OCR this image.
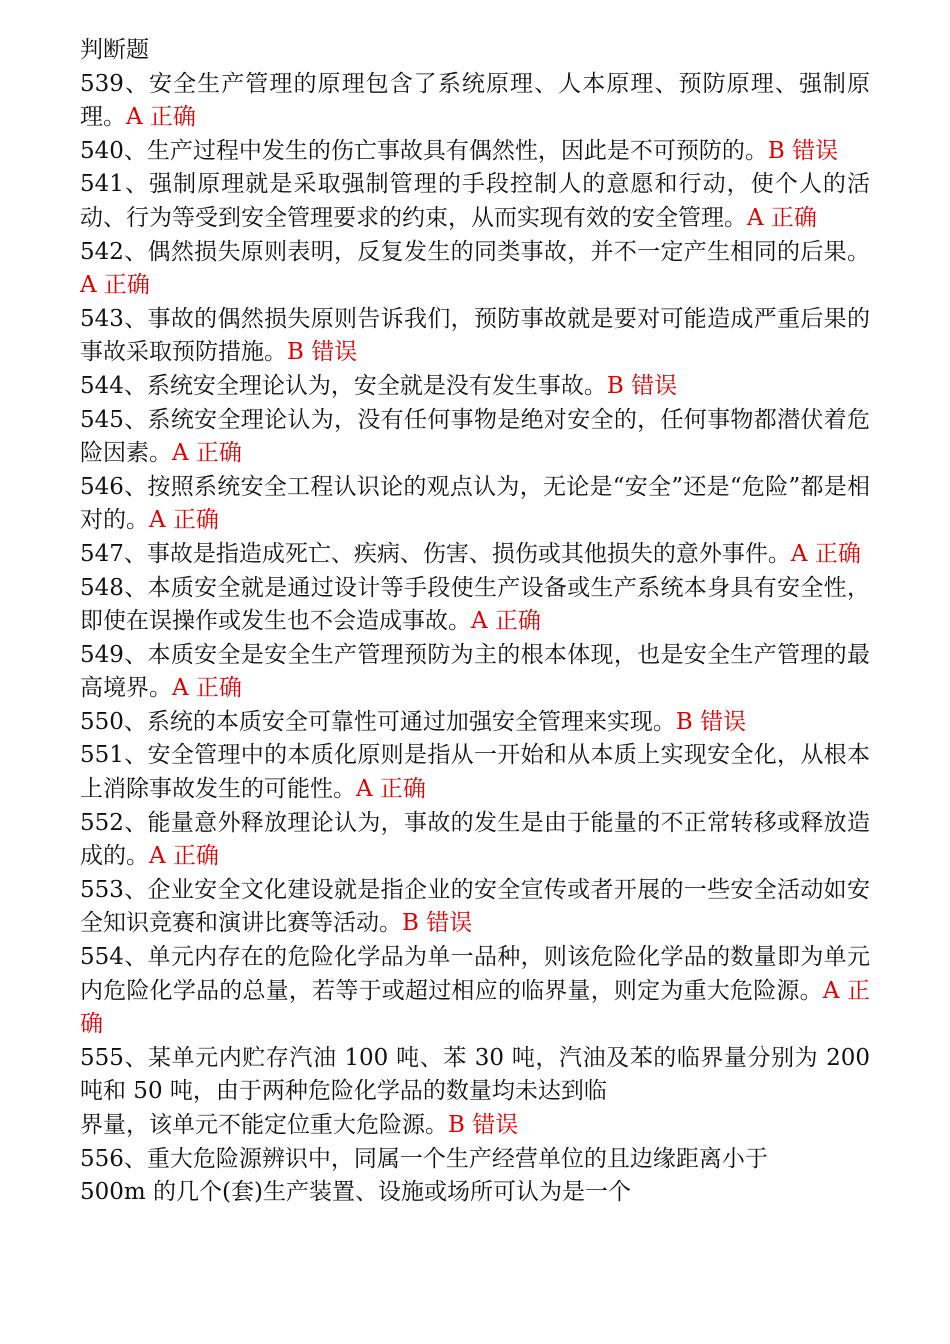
判断题
539、安全生产管理的原理包含了系统原理、人本原理、预防原理、强制原理。A 正确
540、生产过程中发生的伤亡事故具有偶然性，因此是不可预防的。B 错误
541、强制原理就是采取强制管理的手段控制人的意愿和行动，使个人的活动、行为等受到安全管理要求的约束，从而实现有效的安全管理。A 正确
542、偶然损失原则表明，反复发生的同类事故，并不一定产生相同的后果。A 正确
543、事故的偶然损失原则告诉我们，预防事故就是要对可能造成严重后果的事故采取预防措施。B 错误
544、系统安全理论认为，安全就是没有发生事故。B 错误
545、系统安全理论认为，没有任何事物是绝对安全的，任何事物都潜伏着危险因素。A 正确
546、按照系统安全工程认识论的观点认为，无论是“安全”还是“危险”都是相对的。A 正确
547、事故是指造成死亡、疾病、伤害、损伤或其他损失的意外事件。A 正确
548、本质安全就是通过设计等手段使生产设备或生产系统本身具有安全性，即使在误操作或发生也不会造成事故。A 正确
549、本质安全是安全生产管理预防为主的根本体现，也是安全生产管理的最高境界。A 正确
550、系统的本质安全可靠性可通过加强安全管理来实现。B 错误
551、安全管理中的本质化原则是指从一开始和从本质上实现安全化，从根本上消除事故发生的可能性。A 正确
552、能量意外释放理论认为，事故的发生是由于能量的不正常转移或释放造成的。A 正确
553、企业安全文化建设就是指企业的安全宣传或者开展的一些安全活动如安全知识竞赛和演讲比赛等活动。B 错误
554、单元内存在的危险化学品为单一品种，则该危险化学品的数量即为单元内危险化学品的总量，若等于或超过相应的临界量，则定为重大危险源。A 正确
555、某单元内贮存汽油 100 吨、苯 30 吨，汽油及苯的临界量分别为 200 吨和 50 吨，由于两种危险化学品的数量均未达到临
界量，该单元不能定位重大危险源。B 错误
556、重大危险源辨识中，同属一个生产经营单位的且边缘距离小于
500m 的几个(套)生产装置、设施或场所可认为是一个
